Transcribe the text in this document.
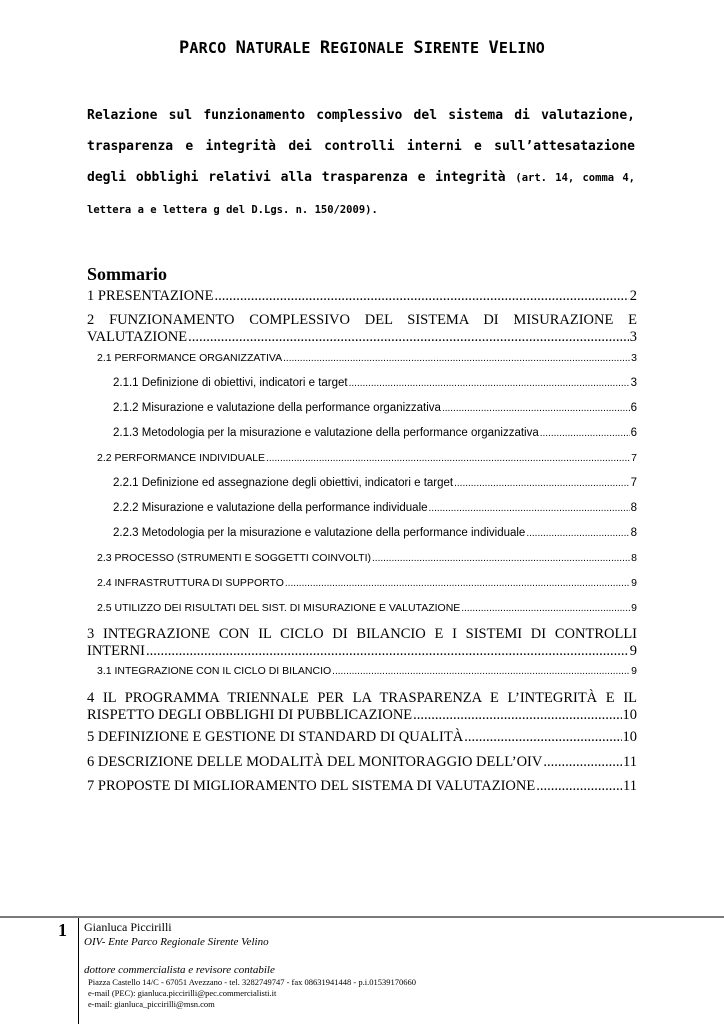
PARCO NATURALE REGIONALE SIRENTE VELINO
Relazione sul funzionamento complessivo del sistema di valutazione, trasparenza e integrità dei controlli interni e sull’attesatazione degli obblighi relativi alla trasparenza e integrità (art. 14, comma 4, lettera a e lettera g del D.Lgs. n. 150/2009).
Sommario
1 PRESENTAZIONE .....	2
2 FUNZIONAMENTO COMPLESSIVO DEL SISTEMA DI MISURAZIONE E
VALUTAZIONE .....	3
2.1 PERFORMANCE ORGANIZZATIVA .....	3
2.1.1 Definizione di obiettivi, indicatori e target .....	3
2.1.2 Misurazione e valutazione della performance organizzativa .....	6
2.1.3 Metodologia per la misurazione e valutazione della performance organizzativa .....	6
2.2 PERFORMANCE INDIVIDUALE .....	7
2.2.1 Definizione ed assegnazione degli obiettivi, indicatori e target .....	7
2.2.2 Misurazione e valutazione della performance individuale .....	8
2.2.3 Metodologia per la misurazione e valutazione della performance individuale .....	8
2.3 PROCESSO (STRUMENTI E SOGGETTI COINVOLTI) .....	8
2.4 INFRASTRUTTURA DI SUPPORTO .....	9
2.5 UTILIZZO DEI RISULTATI DEL SIST. DI MISURAZIONE E VALUTAZIONE .....	9
3 INTEGRAZIONE CON IL CICLO DI BILANCIO E I SISTEMI DI CONTROLLI
INTERNI .....	9
3.1 INTEGRAZIONE CON IL CICLO DI BILANCIO .....	9
4 IL PROGRAMMA TRIENNALE PER LA TRASPARENZA E L’INTEGRITÀ E IL
RISPETTO DEGLI OBBLIGHI DI PUBBLICAZIONE .....	10
5 DEFINIZIONE E GESTIONE DI STANDARD DI QUALITÀ .....	10
6 DESCRIZIONE DELLE MODALITÀ DEL MONITORAGGIO DELL’OIV .....	11
7 PROPOSTE DI MIGLIORAMENTO DEL SISTEMA DI VALUTAZIONE .....	11
1 Gianluca Piccirilli
OIV- Ente Parco Regionale Sirente Velino
dottore commercialista e revisore contabile
Piazza Castello 14/C - 67051 Avezzano - tel. 3282749747 - fax 08631941448 - p.i.01539170660
e-mail (PEC): gianluca.piccirilli@pec.commercialisti.it
e-mail: gianluca_piccirilli@msn.com
